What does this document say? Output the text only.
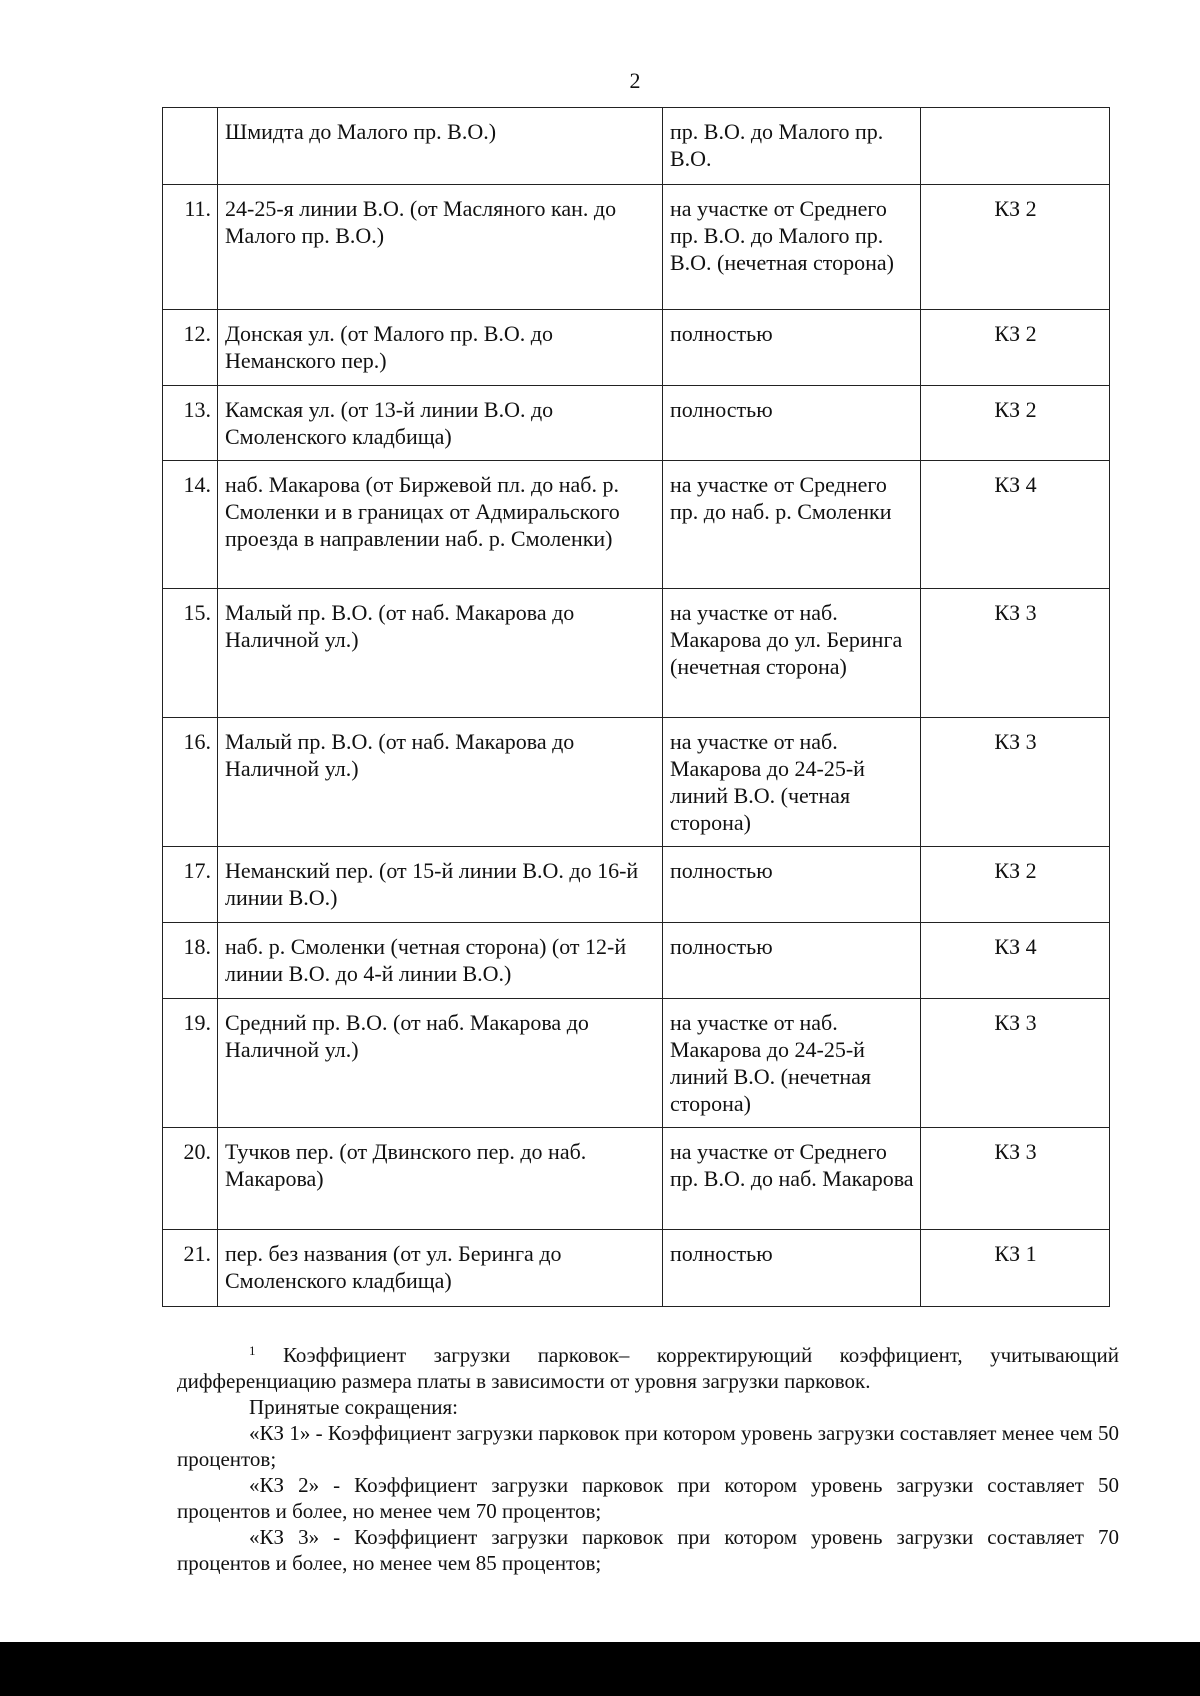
2
	Шмидта до Малого пр. В.О.)	пр. В.О. до Малого пр. В.О.	
11.	24-25-я линии В.О. (от Масляного кан. до Малого пр. В.О.)	на участке от Среднего пр. В.О. до Малого пр. В.О. (нечетная сторона)	КЗ 2
12.	Донская ул. (от Малого пр. В.О. до Неманского пер.)	полностью	КЗ 2
13.	Камская ул. (от 13-й линии В.О. до Смоленского кладбища)	полностью	КЗ 2
14.	наб. Макарова (от Биржевой пл. до наб. р. Смоленки и в границах от Адмиральского проезда в направлении наб. р. Смоленки)	на участке от Среднего пр. до наб. р. Смоленки	КЗ 4
15.	Малый пр. В.О. (от наб. Макарова до Наличной ул.)	на участке от наб. Макарова до ул. Беринга (нечетная сторона)	КЗ 3
16.	Малый пр. В.О. (от наб. Макарова до Наличной ул.)	на участке от наб. Макарова до 24-25-й линий В.О. (четная сторона)	КЗ 3
17.	Неманский пер. (от 15-й линии В.О. до 16-й линии В.О.)	полностью	КЗ 2
18.	наб. р. Смоленки (четная сторона) (от 12-й линии В.О. до 4-й линии В.О.)	полностью	КЗ 4
19.	Средний пр. В.О. (от наб. Макарова до Наличной ул.)	на участке от наб. Макарова до 24-25-й линий В.О. (нечетная сторона)	КЗ 3
20.	Тучков пер. (от Двинского пер. до наб. Макарова)	на участке от Среднего пр. В.О. до наб. Макарова	КЗ 3
21.	пер. без названия (от ул. Беринга до Смоленского кладбища)	полностью	КЗ 1

$^1$ Коэффициент загрузки парковок– корректирующий коэффициент, учитывающий дифференциацию размера платы в зависимости от уровня загрузки парковок.

Принятые сокращения:

«КЗ 1» - Коэффициент загрузки парковок при котором уровень загрузки составляет менее чем 50 процентов;

«КЗ 2» - Коэффициент загрузки парковок при котором уровень загрузки составляет 50 процентов и более, но менее чем 70 процентов;

«КЗ 3» - Коэффициент загрузки парковок при котором уровень загрузки составляет 70 процентов и более, но менее чем 85 процентов;
